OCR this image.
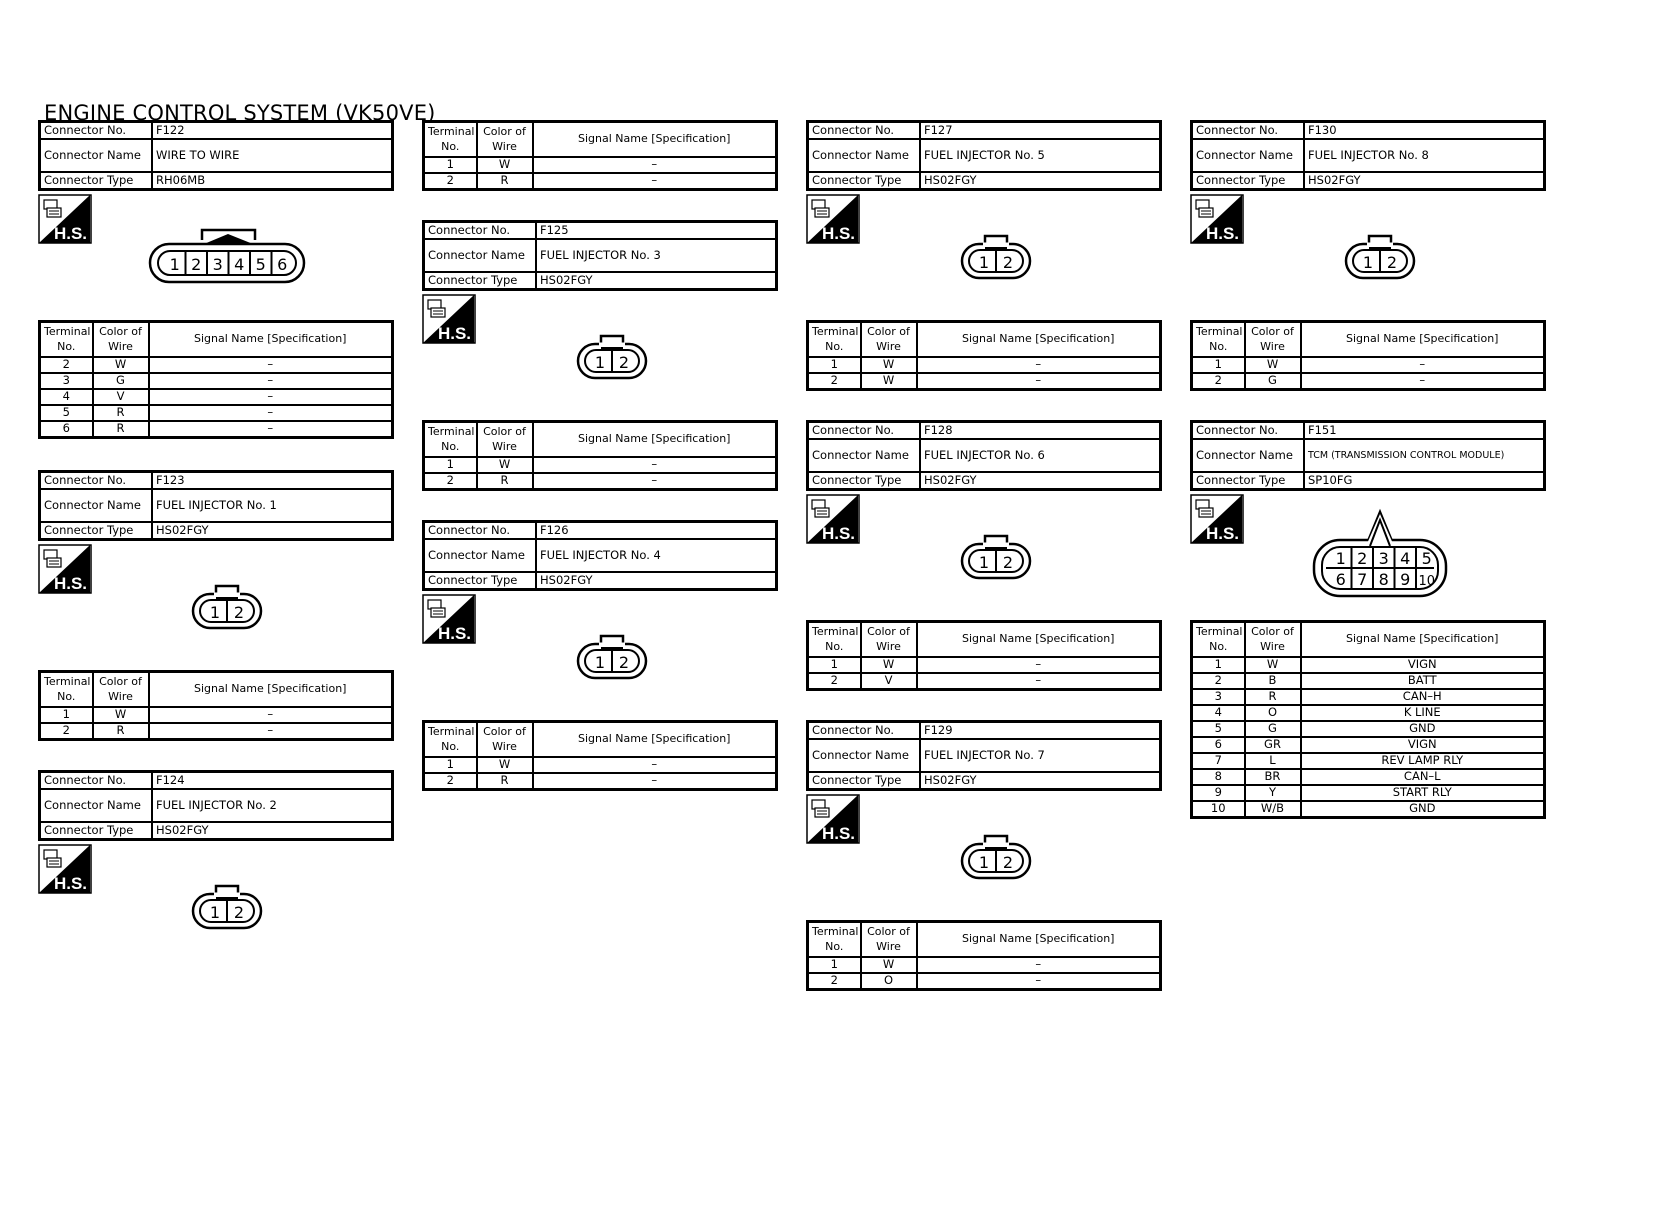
ENGINE CONTROL SYSTEM (VK50VE)
Connector No.	F122
Connector Name	WIRE TO WIRE
Connector Type	RH06MB
H.S.
1 2 3 4 5 6
Terminal No.	Color of Wire	Signal Name [Specification]
2	W	–
3	G	–
4	V	–
5	R	–
6	R	–
Connector No.	F123
Connector Name	FUEL INJECTOR No. 1
Connector Type	HS02FGY
H.S.
1 2
Terminal No.	Color of Wire	Signal Name [Specification]
1	W	–
2	R	–
Connector No.	F124
Connector Name	FUEL INJECTOR No. 2
Connector Type	HS02FGY
H.S.
1 2
Terminal No.	Color of Wire	Signal Name [Specification]
1	W	–
2	R	–
Connector No.	F125
Connector Name	FUEL INJECTOR No. 3
Connector Type	HS02FGY
H.S.
1 2
Terminal No.	Color of Wire	Signal Name [Specification]
1	W	–
2	R	–
Connector No.	F126
Connector Name	FUEL INJECTOR No. 4
Connector Type	HS02FGY
H.S.
1 2
Terminal No.	Color of Wire	Signal Name [Specification]
1	W	–
2	R	–
Connector No.	F127
Connector Name	FUEL INJECTOR No. 5
Connector Type	HS02FGY
H.S.
1 2
Terminal No.	Color of Wire	Signal Name [Specification]
1	W	–
2	W	–
Connector No.	F128
Connector Name	FUEL INJECTOR No. 6
Connector Type	HS02FGY
H.S.
1 2
Terminal No.	Color of Wire	Signal Name [Specification]
1	W	–
2	V	–
Connector No.	F129
Connector Name	FUEL INJECTOR No. 7
Connector Type	HS02FGY
H.S.
1 2
Terminal No.	Color of Wire	Signal Name [Specification]
1	W	–
2	O	–
Connector No.	F130
Connector Name	FUEL INJECTOR No. 8
Connector Type	HS02FGY
H.S.
1 2
Terminal No.	Color of Wire	Signal Name [Specification]
1	W	–
2	G	–
Connector No.	F151
Connector Name	TCM (TRANSMISSION CONTROL MODULE)
Connector Type	SP10FG
H.S.
1 2 3 4 5
6 7 8 9 10
Terminal No.	Color of Wire	Signal Name [Specification]
1	W	VIGN
2	B	BATT
3	R	CAN–H
4	O	K LINE
5	G	GND
6	GR	VIGN
7	L	REV LAMP RLY
8	BR	CAN–L
9	Y	START RLY
10	W/B	GND
